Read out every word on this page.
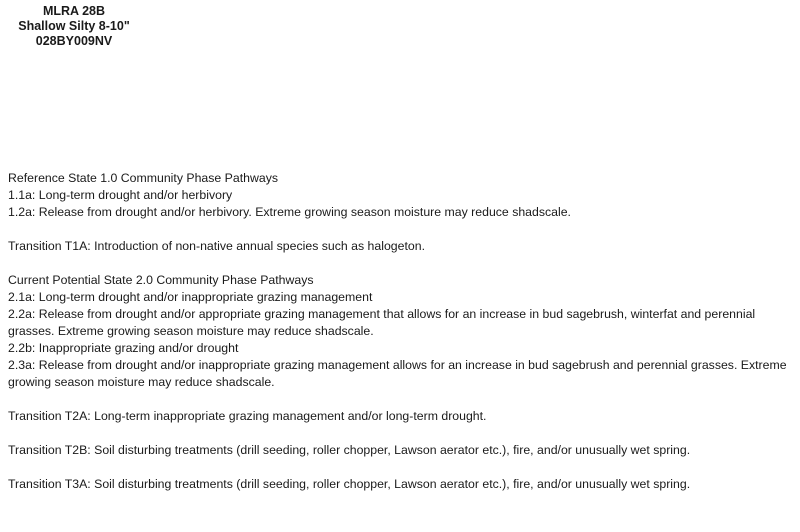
MLRA 28B
Shallow Silty 8-10"
028BY009NV
Reference State 1.0 Community Phase Pathways
1.1a: Long-term drought and/or herbivory
1.2a: Release from drought and/or herbivory. Extreme growing season moisture may reduce shadscale.
Transition T1A: Introduction of non-native annual species such as halogeton.
Current Potential State 2.0 Community Phase Pathways
2.1a: Long-term drought and/or inappropriate grazing management
2.2a: Release from drought and/or appropriate grazing management that allows for an increase in bud sagebrush, winterfat and perennial grasses. Extreme growing season moisture may reduce shadscale.
2.2b: Inappropriate grazing and/or drought
2.3a: Release from drought and/or inappropriate grazing management allows for an increase in bud sagebrush and perennial grasses. Extreme growing season moisture may reduce shadscale.
Transition T2A: Long-term inappropriate grazing management and/or long-term drought.
Transition T2B: Soil disturbing treatments (drill seeding, roller chopper, Lawson aerator etc.), fire, and/or unusually wet spring.
Transition T3A: Soil disturbing treatments (drill seeding, roller chopper, Lawson aerator etc.), fire, and/or unusually wet spring.
